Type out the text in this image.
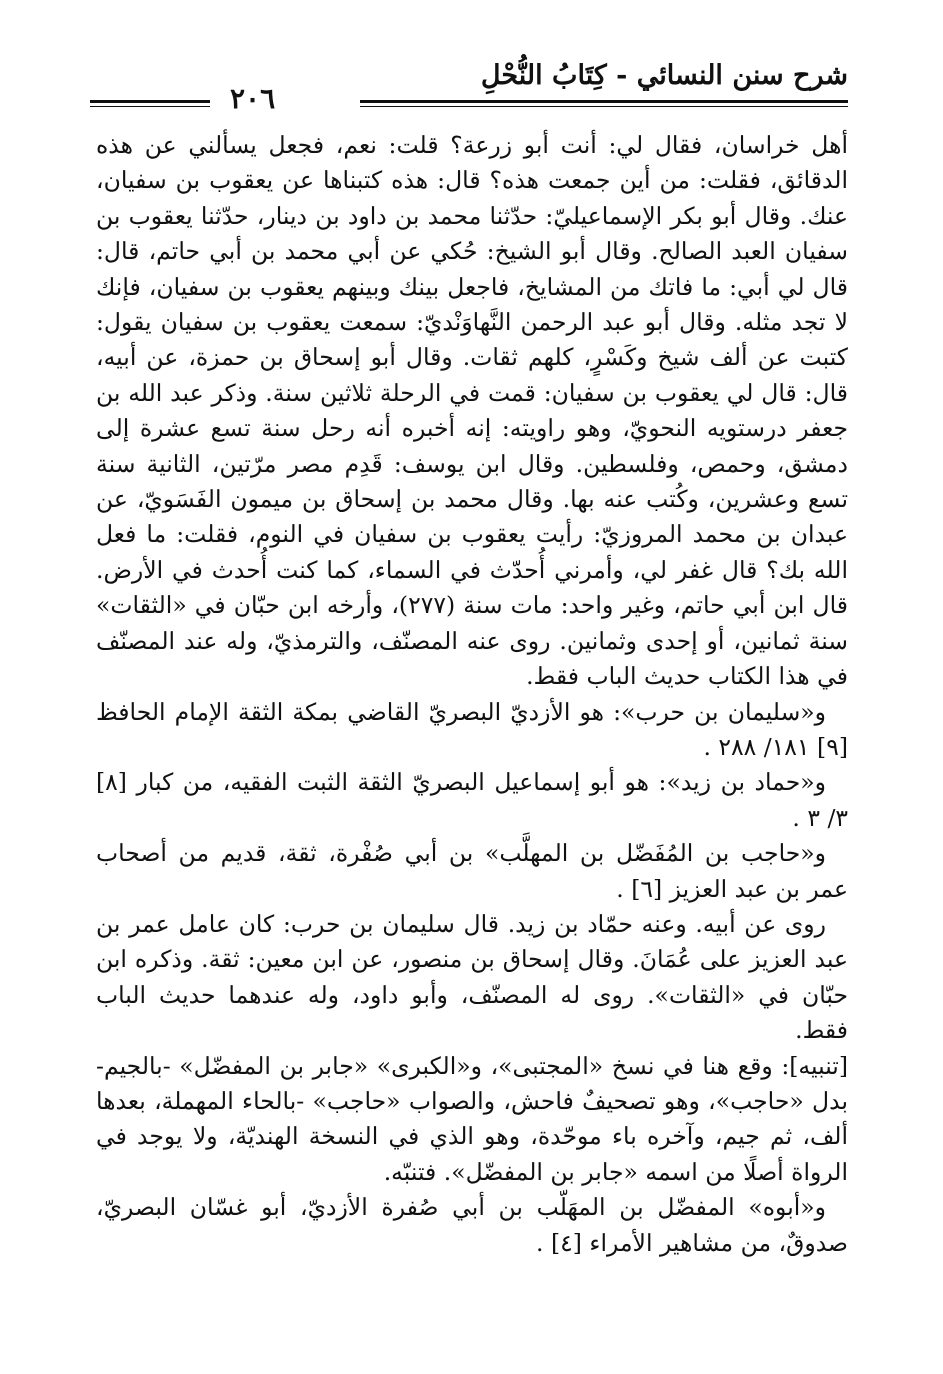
شرح سنن النسائي - كِتَابُ النُّحْلِ
٢٠٦

أهل خراسان، فقال لي: أنت أبو زرعة؟ قلت: نعم، فجعل يسألني عن هذه الدقائق، فقلت: من أين جمعت هذه؟ قال: هذه كتبناها عن يعقوب بن سفيان، عنك. وقال أبو بكر الإسماعيليّ: حدّثنا محمد بن داود بن دينار، حدّثنا يعقوب بن سفيان العبد الصالح. وقال أبو الشيخ: حُكي عن أبي محمد بن أبي حاتم، قال: قال لي أبي: ما فاتك من المشايخ، فاجعل بينك وبينهم يعقوب بن سفيان، فإنك لا تجد مثله. وقال أبو عبد الرحمن النَّهاوَنْديّ: سمعت يعقوب بن سفيان يقول: كتبت عن ألف شيخ وكَسْرٍ، كلهم ثقات. وقال أبو إسحاق بن حمزة، عن أبيه، قال: قال لي يعقوب بن سفيان: قمت في الرحلة ثلاثين سنة. وذكر عبد الله بن جعفر درستويه النحويّ، وهو راويته: إنه أخبره أنه رحل سنة تسع عشرة إلى دمشق، وحمص، وفلسطين. وقال ابن يوسف: قَدِم مصر مرّتين، الثانية سنة تسع وعشرين، وكُتب عنه بها. وقال محمد بن إسحاق بن ميمون الفَسَويّ، عن عبدان بن محمد المروزيّ: رأيت يعقوب بن سفيان في النوم، فقلت: ما فعل الله بك؟ قال غفر لي، وأمرني أُحدّث في السماء، كما كنت أُحدث في الأرض. قال ابن أبي حاتم، وغير واحد: مات سنة (٢٧٧)، وأرخه ابن حبّان في «الثقات» سنة ثمانين، أو إحدى وثمانين. روى عنه المصنّف، والترمذيّ، وله عند المصنّف في هذا الكتاب حديث الباب فقط.

و«سليمان بن حرب»: هو الأزديّ البصريّ القاضي بمكة الثقة الإمام الحافظ [٩] ١٨١/ ٢٨٨ .

و«حماد بن زيد»: هو أبو إسماعيل البصريّ الثقة الثبت الفقيه، من كبار [٨] ٣/ ٣ .

و«حاجب بن المُفَضّل بن المهلَّب» بن أبي صُفْرة، ثقة، قديم من أصحاب عمر بن عبد العزيز [٦] .

روى عن أبيه. وعنه حمّاد بن زيد. قال سليمان بن حرب: كان عامل عمر بن عبد العزيز على عُمَانَ. وقال إسحاق بن منصور، عن ابن معين: ثقة. وذكره ابن حبّان في «الثقات». روى له المصنّف، وأبو داود، وله عندهما حديث الباب فقط.

[تنبيه]: وقع هنا في نسخ «المجتبى»، و«الكبرى» «جابر بن المفضّل» -بالجيم- بدل «حاجب»، وهو تصحيفٌ فاحش، والصواب «حاجب» -بالحاء المهملة، بعدها ألف، ثم جيم، وآخره باء موحّدة، وهو الذي في النسخة الهنديّة، ولا يوجد في الرواة أصلًا من اسمه «جابر بن المفضّل». فتنبّه.

و«أبوه» المفضّل بن المهَلّب بن أبي صُفرة الأزديّ، أبو غسّان البصريّ، صدوقٌ، من مشاهير الأمراء [٤] .
